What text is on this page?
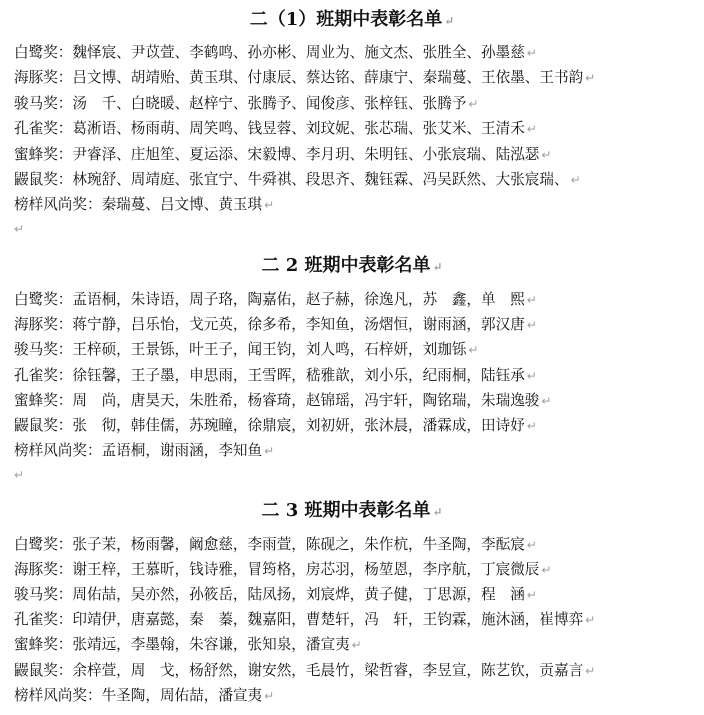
二（1）班期中表彰名单 ↵
白鹭奖：魏怿宸、尹苡萱、李鹤鸣、孙亦彬、周业为、施文杰、张胜全、孙墨慈 ↵
海豚奖：吕文博、胡靖贻、黄玉琪、付康辰、蔡达铭、薛康宁、秦瑞蔓、王依墨、王书韵 ↵
骏马奖：汤　千、白晓暖、赵梓宁、张腾予、闻俊彦、张梓钰、张腾予 ↵
孔雀奖：葛淅语、杨雨萌、周笑鸣、钱昱蓉、刘玟妮、张芯瑞、张艾米、王清禾 ↵
蜜蜂奖：尹睿泽、庄旭笙、夏运添、宋毅博、李月玥、朱明钰、小张宸瑞、陆泓瑟 ↵
鼹鼠奖：林琬舒、周靖庭、张宜宁、牛舜祺、段思齐、魏钰霖、冯吴跃然、大张宸瑞、 ↵
榜样风尚奖：秦瑞蔓、吕文博、黄玉琪 ↵
↵
二 2 班期中表彰名单 ↵
白鹭奖：孟语桐，朱诗语，周子珞，陶嘉佑，赵子赫，徐逸凡，苏　鑫，单　熙 ↵
海豚奖：蒋宁静，吕乐怡，戈元英，徐多希，李知鱼，汤熠恒，谢雨涵，郭汉唐 ↵
骏马奖：王梓硕，王景铄，叶王子，闻王钧，刘人鸣，石梓妍，刘珈铄 ↵
孔雀奖：徐钰馨，王子墨，申思雨，王雪晖，嵇雅歆，刘小乐，纪雨桐，陆钰承 ↵
蜜蜂奖：周　尚，唐昊天，朱胜希，杨睿琦，赵锦瑶，冯宇轩，陶铭瑞，朱瑞逸骏 ↵
鼹鼠奖：张　彻，韩佳儒，苏琬瞳，徐鼎宸，刘初妍，张沐晨，潘霖成，田诗妤 ↵
榜样风尚奖：孟语桐，谢雨涵，李知鱼 ↵
↵
二 3 班期中表彰名单 ↵
白鹭奖：张子茉，杨雨馨，阚愈慈，李雨萱，陈砚之，朱作杭，牛圣陶，李酝宸 ↵
海豚奖：谢王梓，王慕昕，钱诗雅，冒筠格，房芯羽，杨堃恩，李序航，丁宸微辰 ↵
骏马奖：周佑喆，吴亦然，孙筱岳，陆凤扬，刘宸烨，黄子健，丁思源，程　涵 ↵
孔雀奖：印靖伊，唐嘉懿，秦　蓁，魏嘉阳，曹楚轩，冯　轩，王钧霖，施沐涵，崔博弈 ↵
蜜蜂奖：张靖远，李墨翰，朱容谦，张知泉，潘宣夷 ↵
鼹鼠奖：余梓萱，周　戈，杨舒然，谢安然，毛晨竹，梁哲睿，李昱宣，陈艺钦，贡嘉言 ↵
榜样风尚奖：牛圣陶，周佑喆，潘宣夷 ↵
